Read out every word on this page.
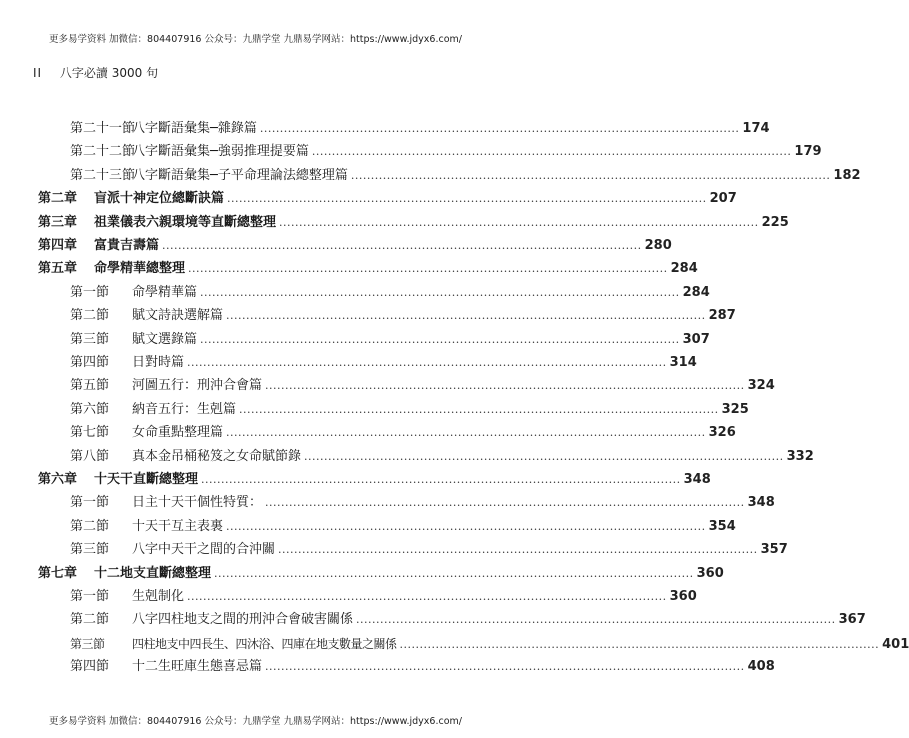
更多易学资料 加微信：804407916 公众号：九鼎学堂 九鼎易学网站：https://www.jdyx6.com/
II 八字必讀 3000 句
第二十一節八字斷語彙集─雜錄篇 ........................................................................................................................ 174
第二十二節八字斷語彙集─強弱推理提要篇 ........................................................................................................................ 179
第二十三節八字斷語彙集─子平命理論法總整理篇 ........................................................................................................................ 182
第二章 盲派十神定位總斷訣篇 ........................................................................................................................ 207
第三章 祖業儀表六親環境等直斷總整理 ........................................................................................................................ 225
第四章 富貴吉壽篇 ........................................................................................................................ 280
第五章 命學精華總整理 ........................................................................................................................ 284
第一節 命學精華篇 ........................................................................................................................ 284
第二節 賦文詩訣選解篇 ........................................................................................................................ 287
第三節 賦文選錄篇 ........................................................................................................................ 307
第四節 日對時篇 ........................................................................................................................ 314
第五節 河圖五行：刑沖合會篇 ........................................................................................................................ 324
第六節 納音五行：生剋篇 ........................................................................................................................ 325
第七節 女命重點整理篇 ........................................................................................................................ 326
第八節 真本金吊桶秘笈之女命賦節錄 ........................................................................................................................ 332
第六章 十天干直斷總整理 ........................................................................................................................ 348
第一節 日主十天干個性特質： ........................................................................................................................ 348
第二節 十天干互主表裏 ........................................................................................................................ 354
第三節 八字中天干之間的合沖關 ........................................................................................................................ 357
第七章 十二地支直斷總整理 ........................................................................................................................ 360
第一節 生剋制化 ........................................................................................................................ 360
第二節 八字四柱地支之間的刑沖合會破害關係 ........................................................................................................................ 367
第三節 四柱地支中四長生、四沐浴、四庫在地支數量之關係 ........................................................................................................................ 401
第四節 十二生旺庫生態喜忌篇 ........................................................................................................................ 408
更多易学资料 加微信：804407916 公众号：九鼎学堂 九鼎易学网站：https://www.jdyx6.com/
